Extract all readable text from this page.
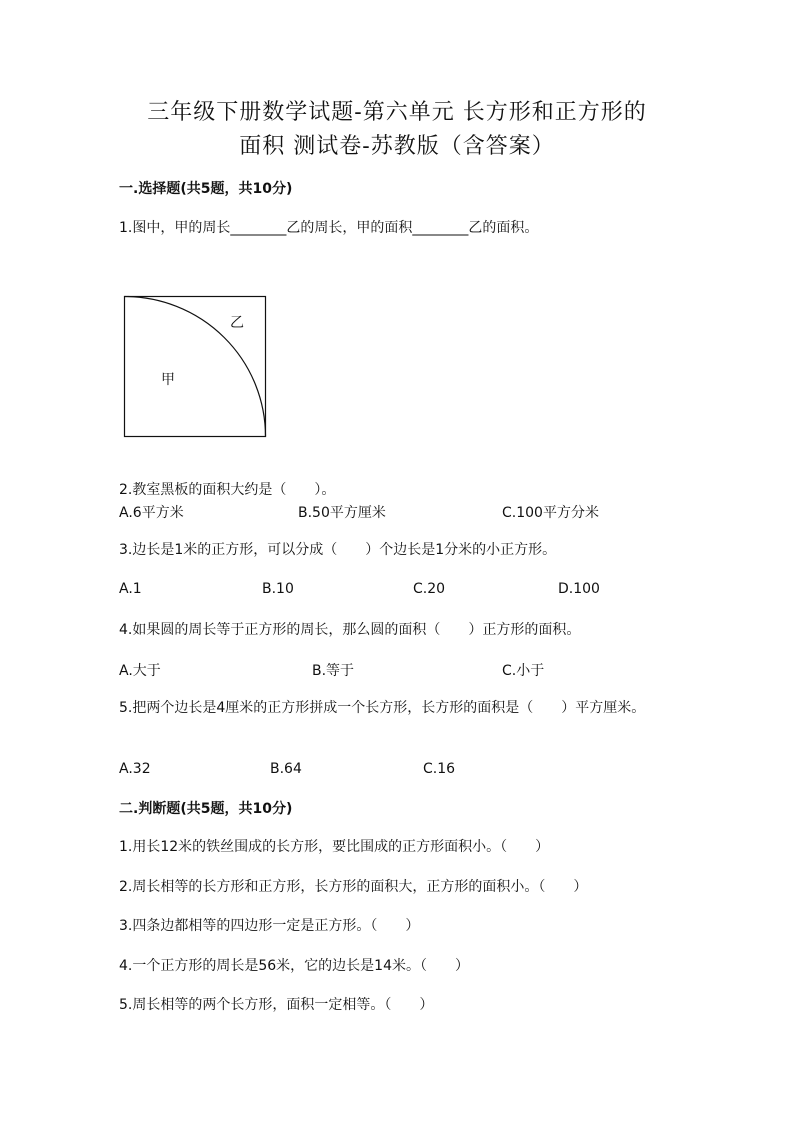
三年级下册数学试题-第六单元 长方形和正方形的
面积 测试卷-苏教版（含答案）
一.选择题(共5题，共10分)
1.图中，甲的周长________乙的周长，甲的面积________乙的面积。
甲
乙
2.教室黑板的面积大约是（　　）。
A.6平方米	B.50平方厘米	C.100平方分米
3.边长是1米的正方形，可以分成（　　）个边长是1分米的小正方形。
A.1	B.10	C.20	D.100
4.如果圆的周长等于正方形的周长，那么圆的面积（　　）正方形的面积。
A.大于	B.等于	C.小于
5.把两个边长是4厘米的正方形拼成一个长方形，长方形的面积是（　　）平方厘米。
A.32	B.64	C.16
二.判断题(共5题，共10分)
1.用长12米的铁丝围成的长方形，要比围成的正方形面积小。（　　）
2.周长相等的长方形和正方形，长方形的面积大，正方形的面积小。（　　）
3.四条边都相等的四边形一定是正方形。（　　）
4.一个正方形的周长是56米，它的边长是14米。（　　）
5.周长相等的两个长方形，面积一定相等。（　　）
